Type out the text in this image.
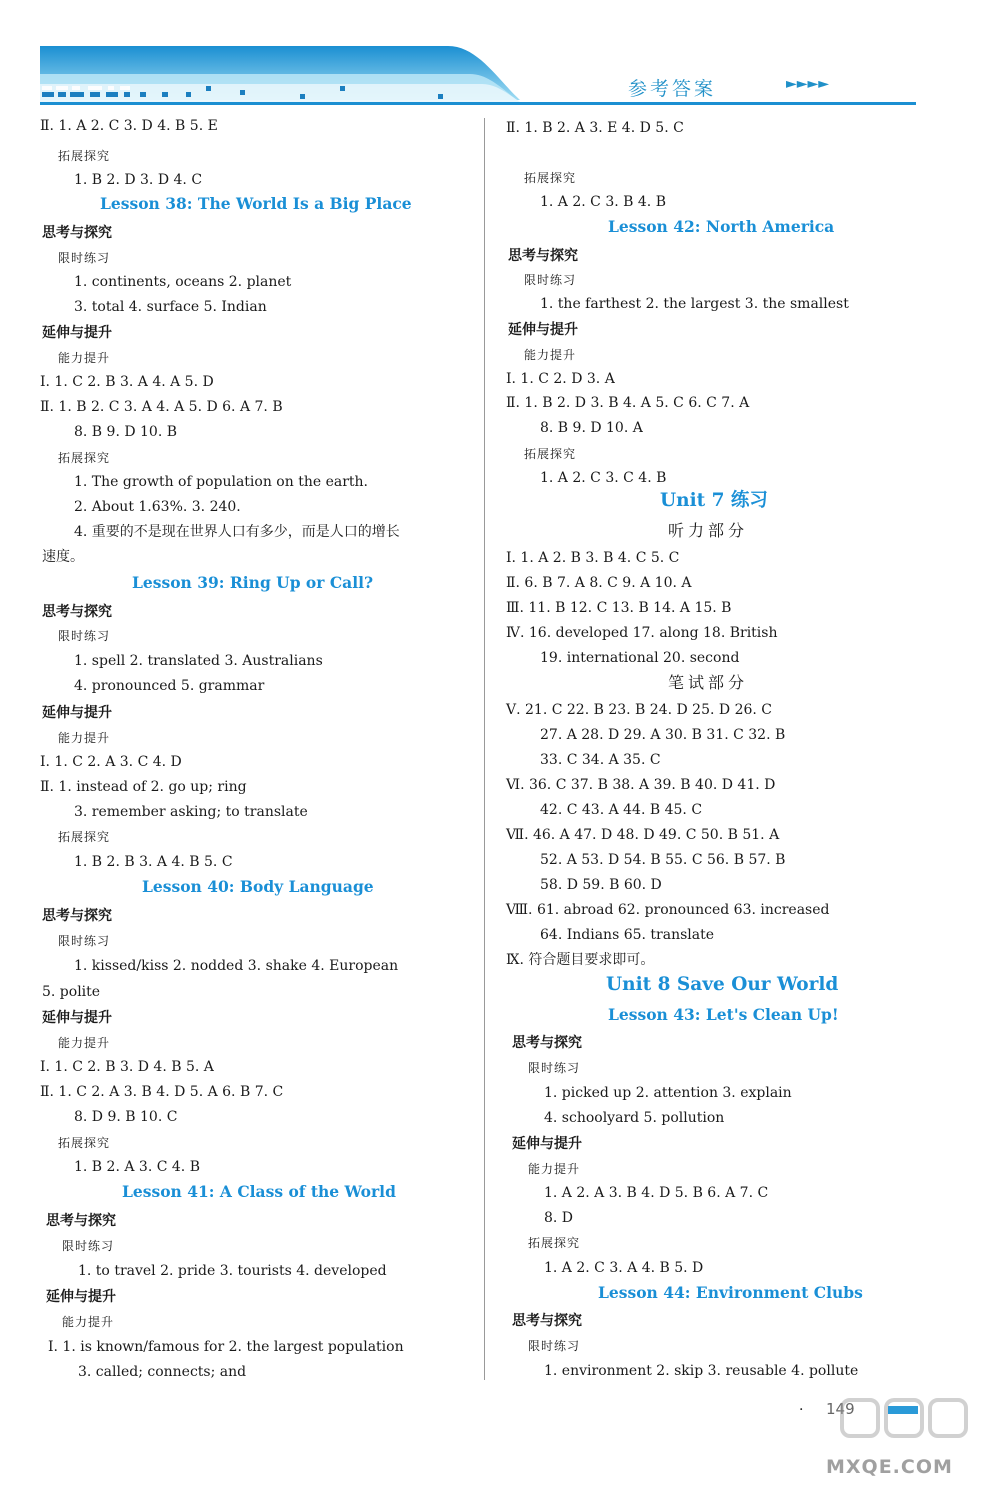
参考答案	►►►►
Ⅱ. 1. A 2. C 3. D 4. B 5. E
拓展探究
1. B 2. D 3. D 4. C
Lesson 38: The World Is a Big Place
思考与探究
限时练习
1. continents, oceans 2. planet
3. total 4. surface 5. Indian
延伸与提升
能力提升
Ⅰ. 1. C 2. B 3. A 4. A 5. D
Ⅱ. 1. B 2. C 3. A 4. A 5. D 6. A 7. B
8. B 9. D 10. B
拓展探究
1. The growth of population on the earth.
2. About 1.63%. 3. 240.
4. 重要的不是现在世界人口有多少，而是人口的增长
速度。
Lesson 39: Ring Up or Call?
思考与探究
限时练习
1. spell 2. translated 3. Australians
4. pronounced 5. grammar
延伸与提升
能力提升
Ⅰ. 1. C 2. A 3. C 4. D
Ⅱ. 1. instead of 2. go up; ring
3. remember asking; to translate
拓展探究
1. B 2. B 3. A 4. B 5. C
Lesson 40: Body Language
思考与探究
限时练习
1. kissed/kiss 2. nodded 3. shake 4. European
5. polite
延伸与提升
能力提升
Ⅰ. 1. C 2. B 3. D 4. B 5. A
Ⅱ. 1. C 2. A 3. B 4. D 5. A 6. B 7. C
8. D 9. B 10. C
拓展探究
1. B 2. A 3. C 4. B
Lesson 41: A Class of the World
思考与探究
限时练习
1. to travel 2. pride 3. tourists 4. developed
延伸与提升
能力提升
Ⅰ. 1. is known/famous for 2. the largest population
3. called; connects; and
Ⅱ. 1. B 2. A 3. E 4. D 5. C
拓展探究
1. A 2. C 3. B 4. B
Lesson 42: North America
思考与探究
限时练习
1. the farthest 2. the largest 3. the smallest
延伸与提升
能力提升
Ⅰ. 1. C 2. D 3. A
Ⅱ. 1. B 2. D 3. B 4. A 5. C 6. C 7. A
8. B 9. D 10. A
拓展探究
1. A 2. C 3. C 4. B
Unit 7 练习
听力部分
Ⅰ. 1. A 2. B 3. B 4. C 5. C
Ⅱ. 6. B 7. A 8. C 9. A 10. A
Ⅲ. 11. B 12. C 13. B 14. A 15. B
Ⅳ. 16. developed 17. along 18. British
19. international 20. second
笔试部分
Ⅴ. 21. C 22. B 23. B 24. D 25. D 26. C
27. A 28. D 29. A 30. B 31. C 32. B
33. C 34. A 35. C
Ⅵ. 36. C 37. B 38. A 39. B 40. D 41. D
42. C 43. A 44. B 45. C
Ⅶ. 46. A 47. D 48. D 49. C 50. B 51. A
52. A 53. D 54. B 55. C 56. B 57. B
58. D 59. B 60. D
Ⅷ. 61. abroad 62. pronounced 63. increased
64. Indians 65. translate
Ⅸ. 符合题目要求即可。
Unit 8 Save Our World
Lesson 43: Let's Clean Up!
思考与探究
限时练习
1. picked up 2. attention 3. explain
4. schoolyard 5. pollution
延伸与提升
能力提升
1. A 2. A 3. B 4. D 5. B 6. A 7. C
8. D
拓展探究
1. A 2. C 3. A 4. B 5. D
Lesson 44: Environment Clubs
思考与探究
限时练习
1. environment 2. skip 3. reusable 4. pollute
· 149
MXQE.COM
